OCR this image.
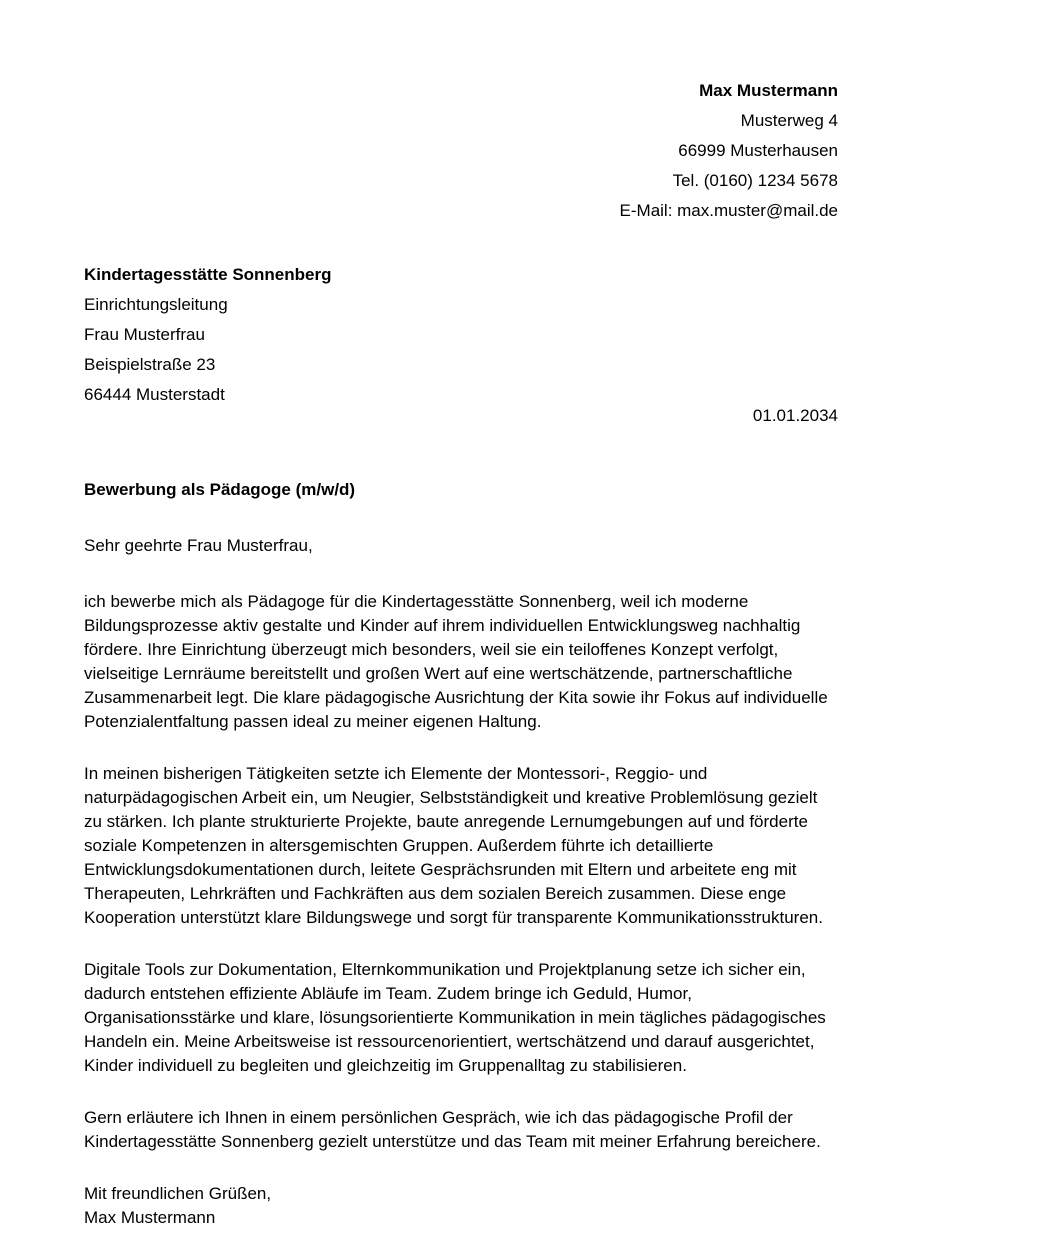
Max Mustermann
Musterweg 4
66999 Musterhausen
Tel. (0160) 1234 5678
E-Mail: max.muster@mail.de
Kindertagesstätte Sonnenberg
Einrichtungsleitung
Frau Musterfrau
Beispielstraße 23
66444 Musterstadt
01.01.2034
Bewerbung als Pädagoge (m/w/d)
Sehr geehrte Frau Musterfrau,

ich bewerbe mich als Pädagoge für die Kindertagesstätte Sonnenberg, weil ich moderne Bildungsprozesse aktiv gestalte und Kinder auf ihrem individuellen Entwicklungsweg nachhaltig fördere. Ihre Einrichtung überzeugt mich besonders, weil sie ein teiloffenes Konzept verfolgt, vielseitige Lernräume bereitstellt und großen Wert auf eine wertschätzende, partnerschaftliche Zusammenarbeit legt. Die klare pädagogische Ausrichtung der Kita sowie ihr Fokus auf individuelle Potenzialentfaltung passen ideal zu meiner eigenen Haltung.

In meinen bisherigen Tätigkeiten setzte ich Elemente der Montessori-, Reggio- und naturpädagogischen Arbeit ein, um Neugier, Selbstständigkeit und kreative Problemlösung gezielt zu stärken. Ich plante strukturierte Projekte, baute anregende Lernumgebungen auf und förderte soziale Kompetenzen in altersgemischten Gruppen. Außerdem führte ich detaillierte Entwicklungsdokumentationen durch, leitete Gesprächsrunden mit Eltern und arbeitete eng mit Therapeuten, Lehrkräften und Fachkräften aus dem sozialen Bereich zusammen. Diese enge Kooperation unterstützt klare Bildungswege und sorgt für transparente Kommunikationsstrukturen.

Digitale Tools zur Dokumentation, Elternkommunikation und Projektplanung setze ich sicher ein, dadurch entstehen effiziente Abläufe im Team. Zudem bringe ich Geduld, Humor, Organisationsstärke und klare, lösungsorientierte Kommunikation in mein tägliches pädagogisches Handeln ein. Meine Arbeitsweise ist ressourcenorientiert, wertschätzend und darauf ausgerichtet, Kinder individuell zu begleiten und gleichzeitig im Gruppenalltag zu stabilisieren.

Gern erläutere ich Ihnen in einem persönlichen Gespräch, wie ich das pädagogische Profil der Kindertagesstätte Sonnenberg gezielt unterstütze und das Team mit meiner Erfahrung bereichere.

Mit freundlichen Grüßen,
Max Mustermann
